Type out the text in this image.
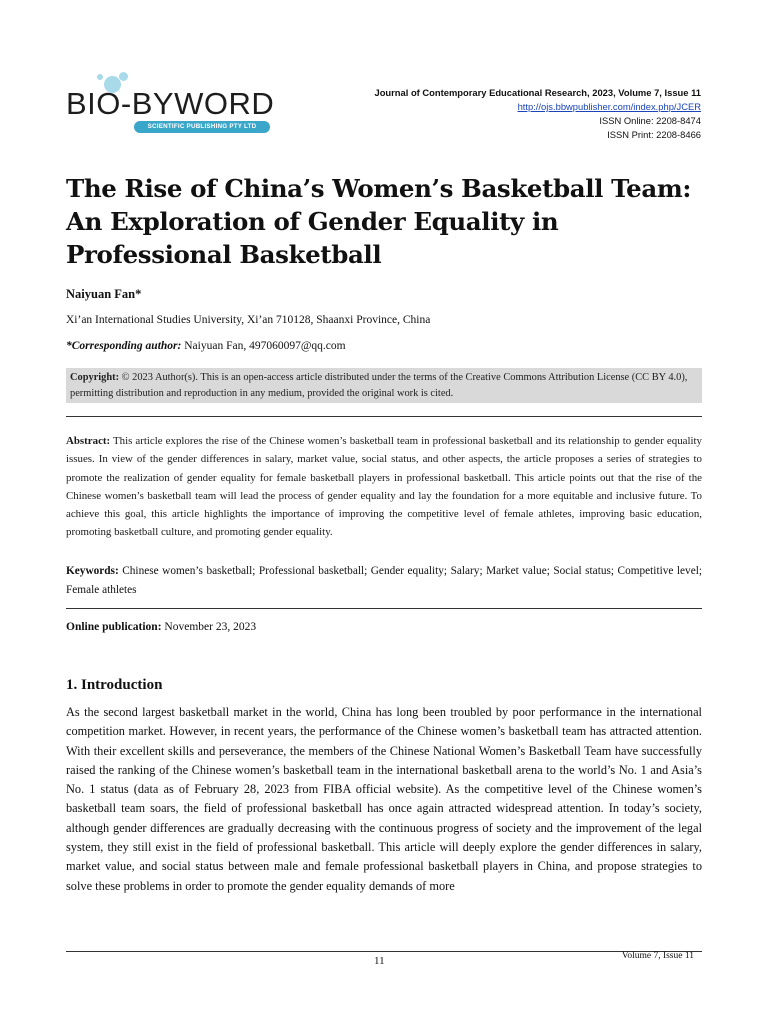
BIO-BYWORD
SCIENTIFIC PUBLISHING PTY LTD
Journal of Contemporary Educational Research, 2023, Volume 7, Issue 11
http://ojs.bbwpublisher.com/index.php/JCER
ISSN Online: 2208-8474
ISSN Print: 2208-8466
The Rise of China’s Women’s Basketball Team: An Exploration of Gender Equality in Professional Basketball
Naiyuan Fan*
Xi’an International Studies University, Xi’an 710128, Shaanxi Province, China
*Corresponding author: Naiyuan Fan, 497060097@qq.com
Copyright: © 2023 Author(s). This is an open-access article distributed under the terms of the Creative Commons Attribution License (CC BY 4.0), permitting distribution and reproduction in any medium, provided the original work is cited.

Abstract: This article explores the rise of the Chinese women’s basketball team in professional basketball and its relationship to gender equality issues. In view of the gender differences in salary, market value, social status, and other aspects, the article proposes a series of strategies to promote the realization of gender equality for female basketball players in professional basketball. This article points out that the rise of the Chinese women’s basketball team will lead the process of gender equality and lay the foundation for a more equitable and inclusive future. To achieve this goal, this article highlights the importance of improving the competitive level of female athletes, improving basic education, promoting basketball culture, and promoting gender equality.

Keywords: Chinese women’s basketball; Professional basketball; Gender equality; Salary; Market value; Social status; Competitive level; Female athletes

Online publication: November 23, 2023
1. Introduction

As the second largest basketball market in the world, China has long been troubled by poor performance in the international competition market. However, in recent years, the performance of the Chinese women’s basketball team has attracted attention. With their excellent skills and perseverance, the members of the Chinese National Women’s Basketball Team have successfully raised the ranking of the Chinese women’s basketball team in the international basketball arena to the world’s No. 1 and Asia’s No. 1 status (data as of February 28, 2023 from FIBA official website). As the competitive level of the Chinese women’s basketball team soars, the field of professional basketball has once again attracted widespread attention. In today’s society, although gender differences are gradually decreasing with the continuous progress of society and the improvement of the legal system, they still exist in the field of professional basketball. This article will deeply explore the gender differences in salary, market value, and social status between male and female professional basketball players in China, and propose strategies to solve these problems in order to promote the gender equality demands of more

11	Volume 7, Issue 11
